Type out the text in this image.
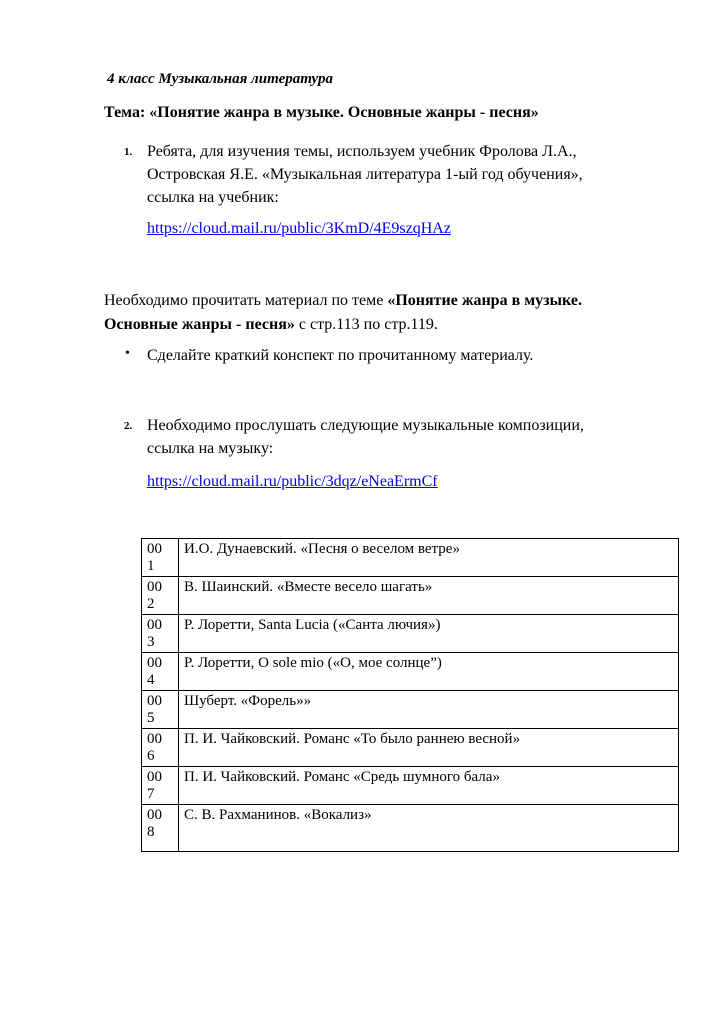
4 класс Музыкальная литература
Тема: «Понятие жанра в музыке. Основные жанры - песня»
1. Ребята, для изучения темы, используем учебник Фролова Л.А.,
Островская Я.Е. «Музыкальная литература 1-ый год обучения»,
ссылка на учебник:
https://cloud.mail.ru/public/3KmD/4E9szqHAz
Необходимо прочитать материал по теме «Понятие жанра в музыке.
Основные жанры - песня» с стр.113 по стр.119.
• Сделайте краткий конспект по прочитанному материалу.
2. Необходимо прослушать следующие музыкальные композиции,
ссылка на музыку:
https://cloud.mail.ru/public/3dqz/eNeaErmCf
00
1	И.О. Дунаевский. «Песня о веселом ветре»
00
2	В. Шаинский. «Вместе весело шагать»
00
3	Р. Лоретти, Santa Lucia («Санта лючия»)
00
4	Р. Лоретти, O sole mio («О, мое солнце”)
00
5	Шуберт. «Форель»»
00
6	П. И. Чайковский. Романс «То было раннею весной»
00
7	П. И. Чайковский. Романс «Средь шумного бала»
00
8	С. В. Рахманинов. «Вокализ»
